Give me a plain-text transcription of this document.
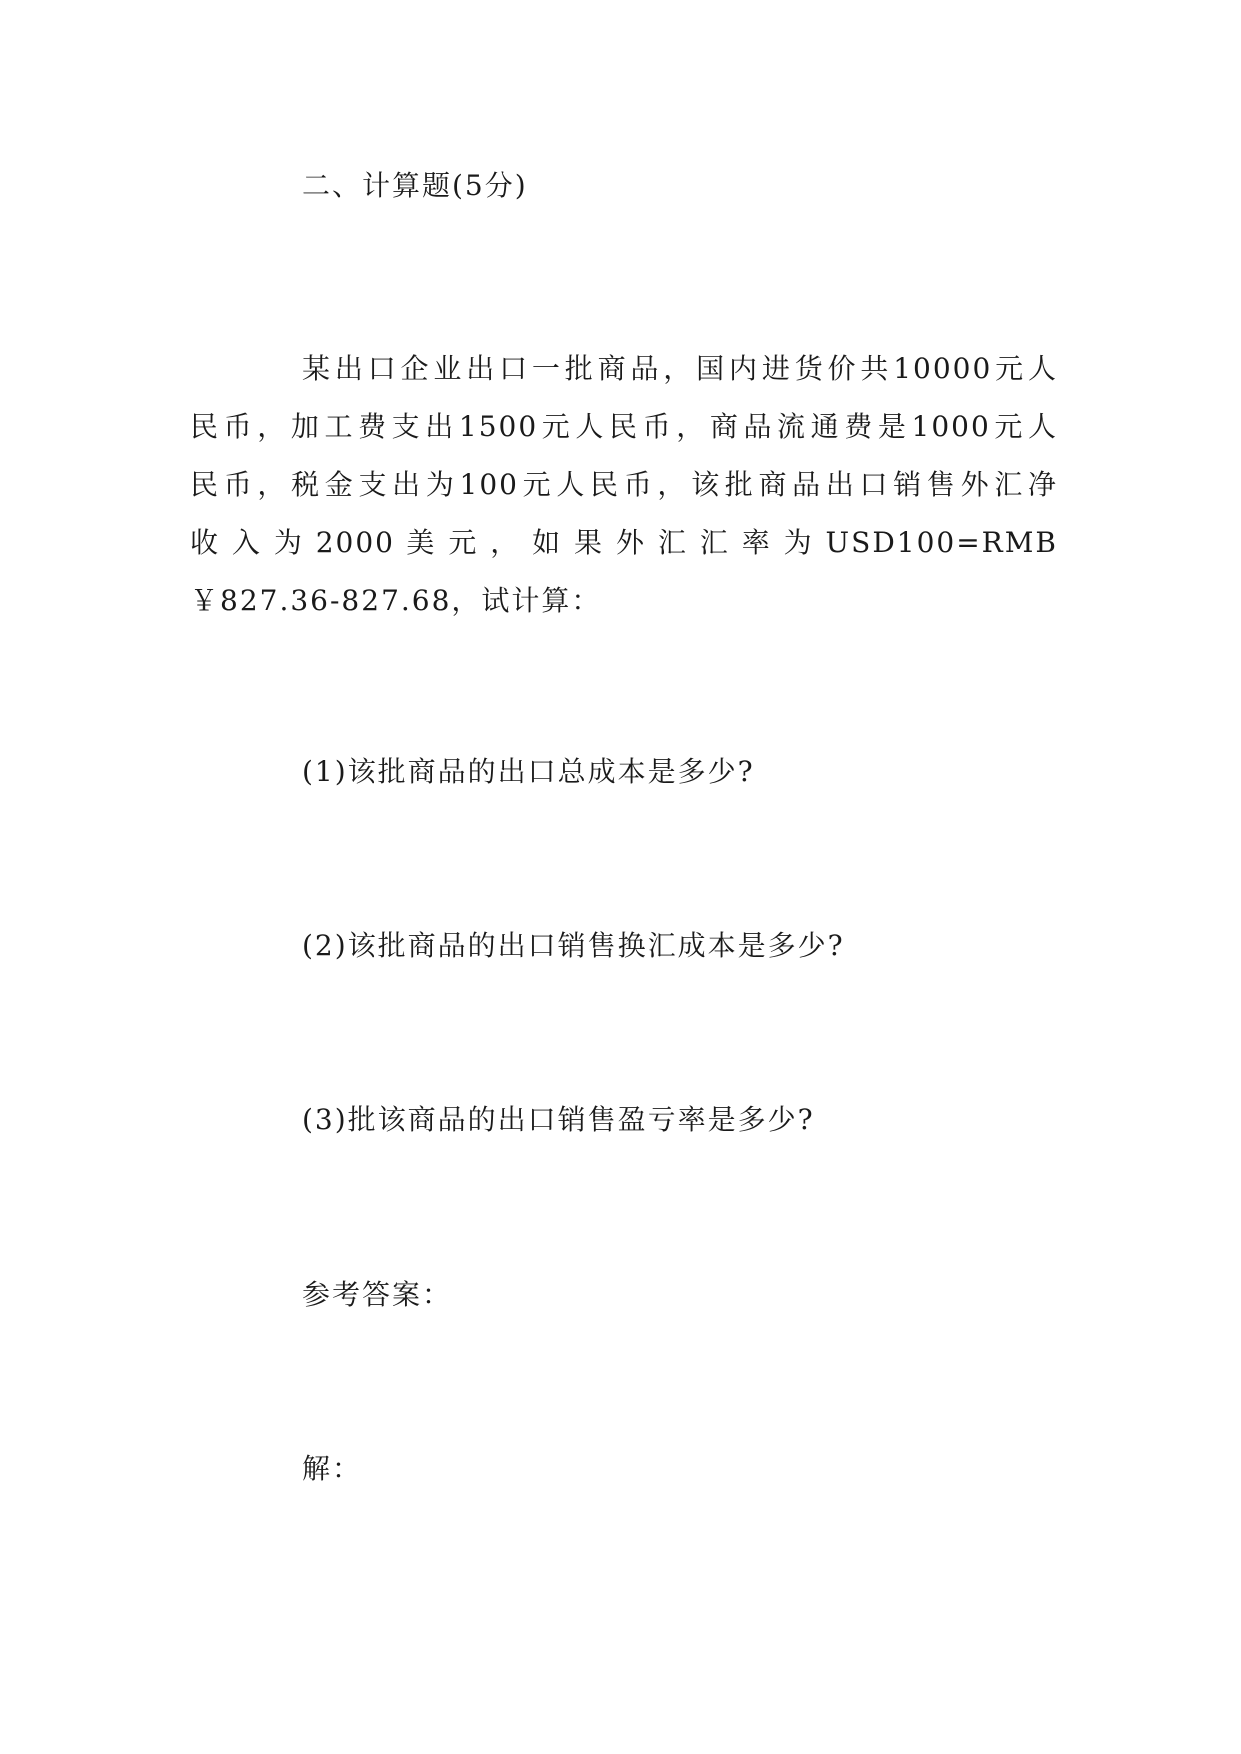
二、计算题(5分)
某出口企业出口一批商品，国内进货价共10000元人
民币，加工费支出1500元人民币，商品流通费是1000元人
民币，税金支出为100元人民币，该批商品出口销售外汇净
收 入 为 2000 美 元 ， 如 果 外 汇 汇 率 为 USD100=RMB
￥827.36-827.68，试计算：
(1)该批商品的出口总成本是多少?
(2)该批商品的出口销售换汇成本是多少?
(3)批该商品的出口销售盈亏率是多少?
参考答案：
解：
